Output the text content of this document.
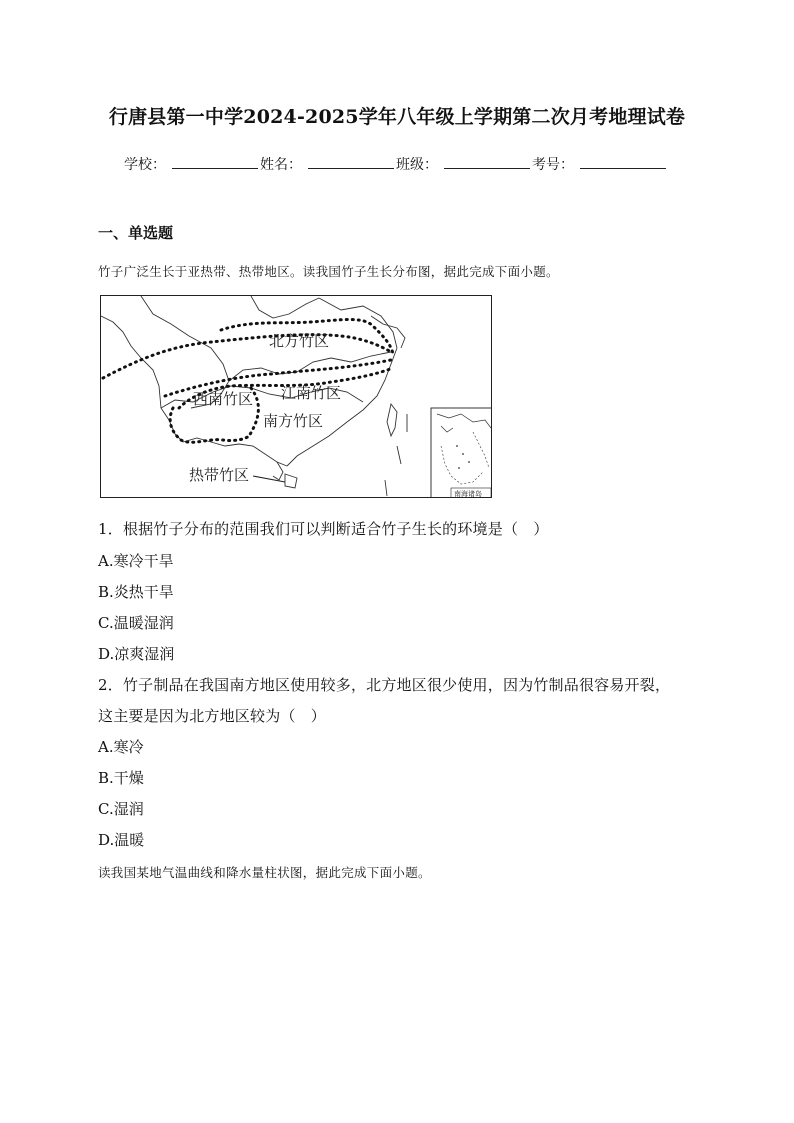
行唐县第一中学2024-2025学年八年级上学期第二次月考地理试卷
学校：	姓名：	班级：	考号：
一、单选题
竹子广泛生长于亚热带、热带地区。读我国竹子生长分布图，据此完成下面小题。
北方竹区
江南竹区
西南竹区
南方竹区
热带竹区
南海诸岛
1．根据竹子分布的范围我们可以判断适合竹子生长的环境是（　）
A.寒冷干旱
B.炎热干旱
C.温暖湿润
D.凉爽湿润
2．竹子制品在我国南方地区使用较多，北方地区很少使用，因为竹制品很容易开裂，
这主要是因为北方地区较为（　）
A.寒冷
B.干燥
C.湿润
D.温暖
读我国某地气温曲线和降水量柱状图，据此完成下面小题。
